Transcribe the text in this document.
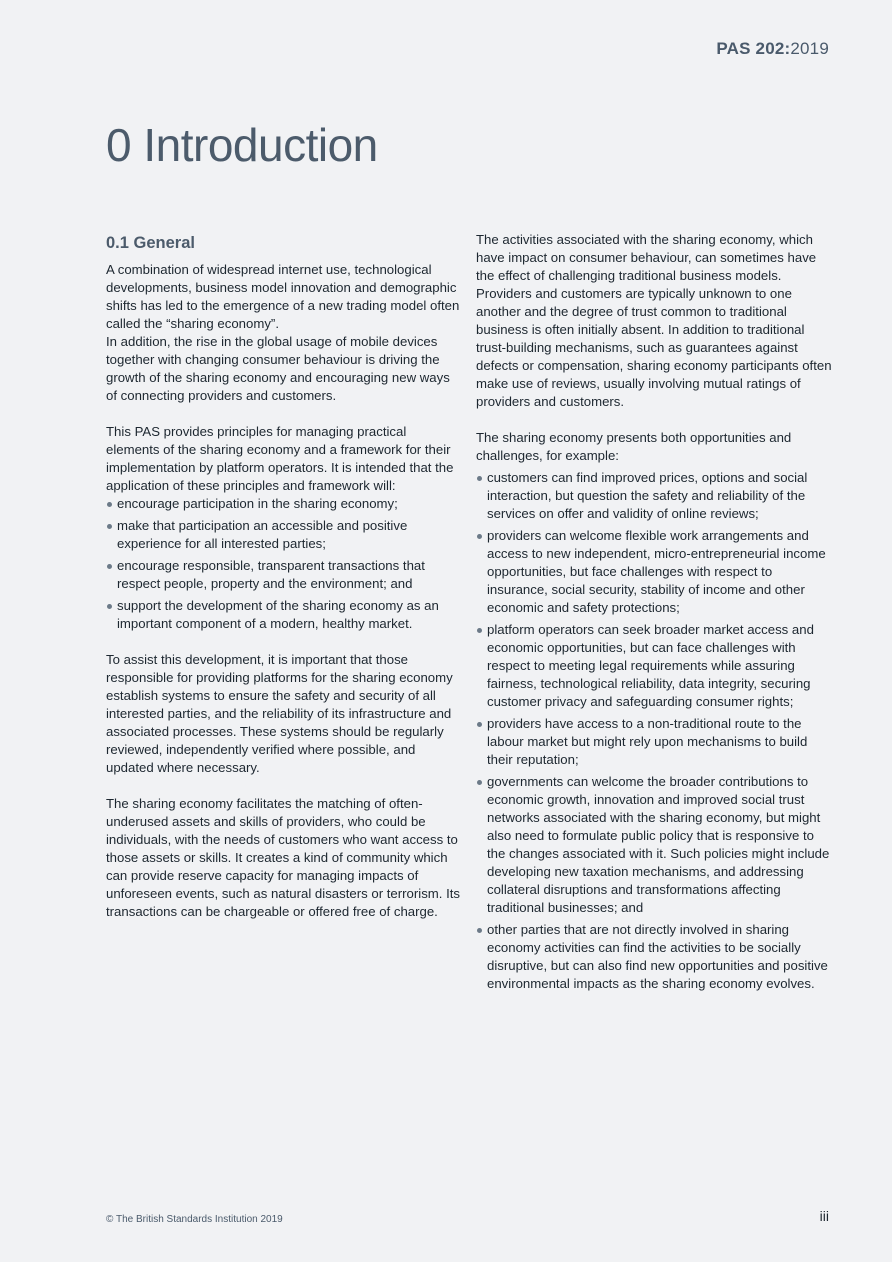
PAS 202:2019
0 Introduction
0.1 General

A combination of widespread internet use, technological developments, business model innovation and demographic shifts has led to the emergence of a new trading model often called the “sharing economy”.

In addition, the rise in the global usage of mobile devices together with changing consumer behaviour is driving the growth of the sharing economy and encouraging new ways of connecting providers and customers.

This PAS provides principles for managing practical elements of the sharing economy and a framework for their implementation by platform operators. It is intended that the application of these principles and framework will:

encourage participation in the sharing economy;
make that participation an accessible and positive experience for all interested parties;
encourage responsible, transparent transactions that respect people, property and the environment; and
support the development of the sharing economy as an important component of a modern, healthy market.

To assist this development, it is important that those responsible for providing platforms for the sharing economy establish systems to ensure the safety and security of all interested parties, and the reliability of its infrastructure and associated processes. These systems should be regularly reviewed, independently verified where possible, and updated where necessary.

The sharing economy facilitates the matching of often-underused assets and skills of providers, who could be individuals, with the needs of customers who want access to those assets or skills. It creates a kind of community which can provide reserve capacity for managing impacts of unforeseen events, such as natural disasters or terrorism. Its transactions can be chargeable or offered free of charge.

The activities associated with the sharing economy, which have impact on consumer behaviour, can sometimes have the effect of challenging traditional business models. Providers and customers are typically unknown to one another and the degree of trust common to traditional business is often initially absent. In addition to traditional trust-building mechanisms, such as guarantees against defects or compensation, sharing economy participants often make use of reviews, usually involving mutual ratings of providers and customers.

The sharing economy presents both opportunities and challenges, for example:

customers can find improved prices, options and social interaction, but question the safety and reliability of the services on offer and validity of online reviews;
providers can welcome flexible work arrangements and access to new independent, micro-entrepreneurial income opportunities, but face challenges with respect to insurance, social security, stability of income and other economic and safety protections;
platform operators can seek broader market access and economic opportunities, but can face challenges with respect to meeting legal requirements while assuring fairness, technological reliability, data integrity, securing customer privacy and safeguarding consumer rights;
providers have access to a non-traditional route to the labour market but might rely upon mechanisms to build their reputation;
governments can welcome the broader contributions to economic growth, innovation and improved social trust networks associated with the sharing economy, but might also need to formulate public policy that is responsive to the changes associated with it. Such policies might include developing new taxation mechanisms, and addressing collateral disruptions and transformations affecting traditional businesses; and
other parties that are not directly involved in sharing economy activities can find the activities to be socially disruptive, but can also find new opportunities and positive environmental impacts as the sharing economy evolves.
© The British Standards Institution 2019	iii
